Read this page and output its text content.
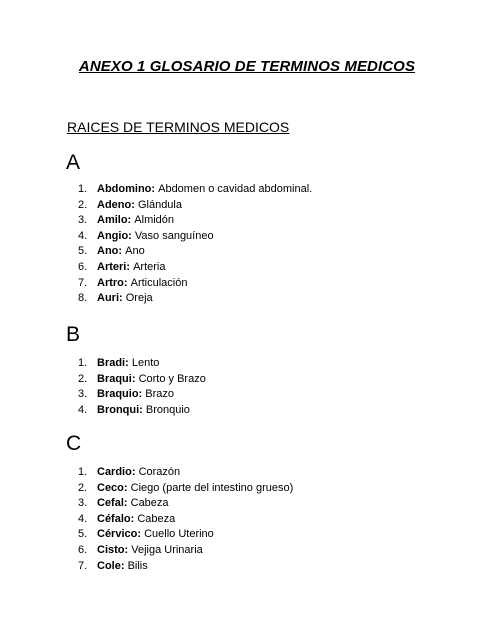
ANEXO 1 GLOSARIO DE TERMINOS MEDICOS
RAICES DE TERMINOS MEDICOS
A
1. Abdomino:
Abdomen o cavidad abdominal.
2. Adeno:
Glándula
3. Amilo:
Almidón
4. Angio:
Vaso sanguíneo
5. Ano:
Ano
6. Arteri:
Arteria
7. Artro:
Articulación
8. Auri:
Oreja
B
1. Bradi:
Lento
2. Braqui:
Corto y Brazo
3. Braquio:
Brazo
4. Bronqui:
Bronquio
C
1. Cardio:
Corazón
2. Ceco:
Ciego (parte del intestino grueso)
3. Cefal:
Cabeza
4. Céfalo:
Cabeza
5. Cérvico:
Cuello Uterino
6. Cisto:
Vejiga Urinaria
7. Cole:
Bilis
